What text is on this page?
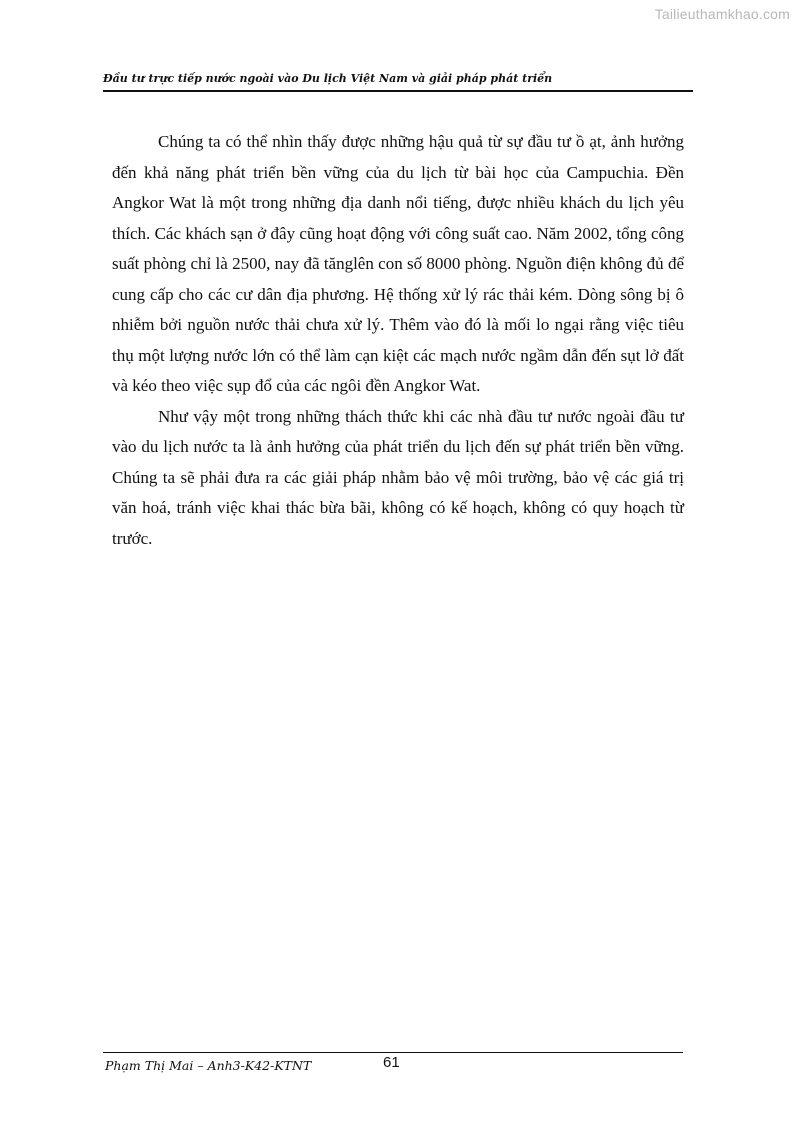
Tailieuthamkhao.com
Đầu tư trực tiếp nước ngoài vào Du lịch Việt Nam và giải pháp phát triển

Chúng ta có thể nhìn thấy được những hậu quả từ sự đầu tư ồ ạt, ảnh hưởng đến khả năng phát triển bền vững của du lịch từ bài học của Campuchia. Đền Angkor Wat là một trong những địa danh nổi tiếng, được nhiều khách du lịch yêu thích. Các khách sạn ở đây cũng hoạt động với công suất cao. Năm 2002, tổng công suất phòng chỉ là 2500, nay đã tănglên con số 8000 phòng. Nguồn điện không đủ để cung cấp cho các cư dân địa phương. Hệ thống xử lý rác thải kém. Dòng sông bị ô nhiễm bởi nguồn nước thải chưa xử lý. Thêm vào đó là mối lo ngại rằng việc tiêu thụ một lượng nước lớn có thể làm cạn kiệt các mạch nước ngầm dẫn đến sụt lở đất và kéo theo việc sụp đổ của các ngôi đền Angkor Wat.

Như vậy một trong những thách thức khi các nhà đầu tư nước ngoài đầu tư vào du lịch nước ta là ảnh hưởng của phát triển du lịch đến sự phát triển bền vững. Chúng ta sẽ phải đưa ra các giải pháp nhằm bảo vệ môi trường, bảo vệ các giá trị văn hoá, tránh việc khai thác bừa bãi, không có kế hoạch, không có quy hoạch từ trước.

Phạm Thị Mai – Anh3-K42-KTNT	61
